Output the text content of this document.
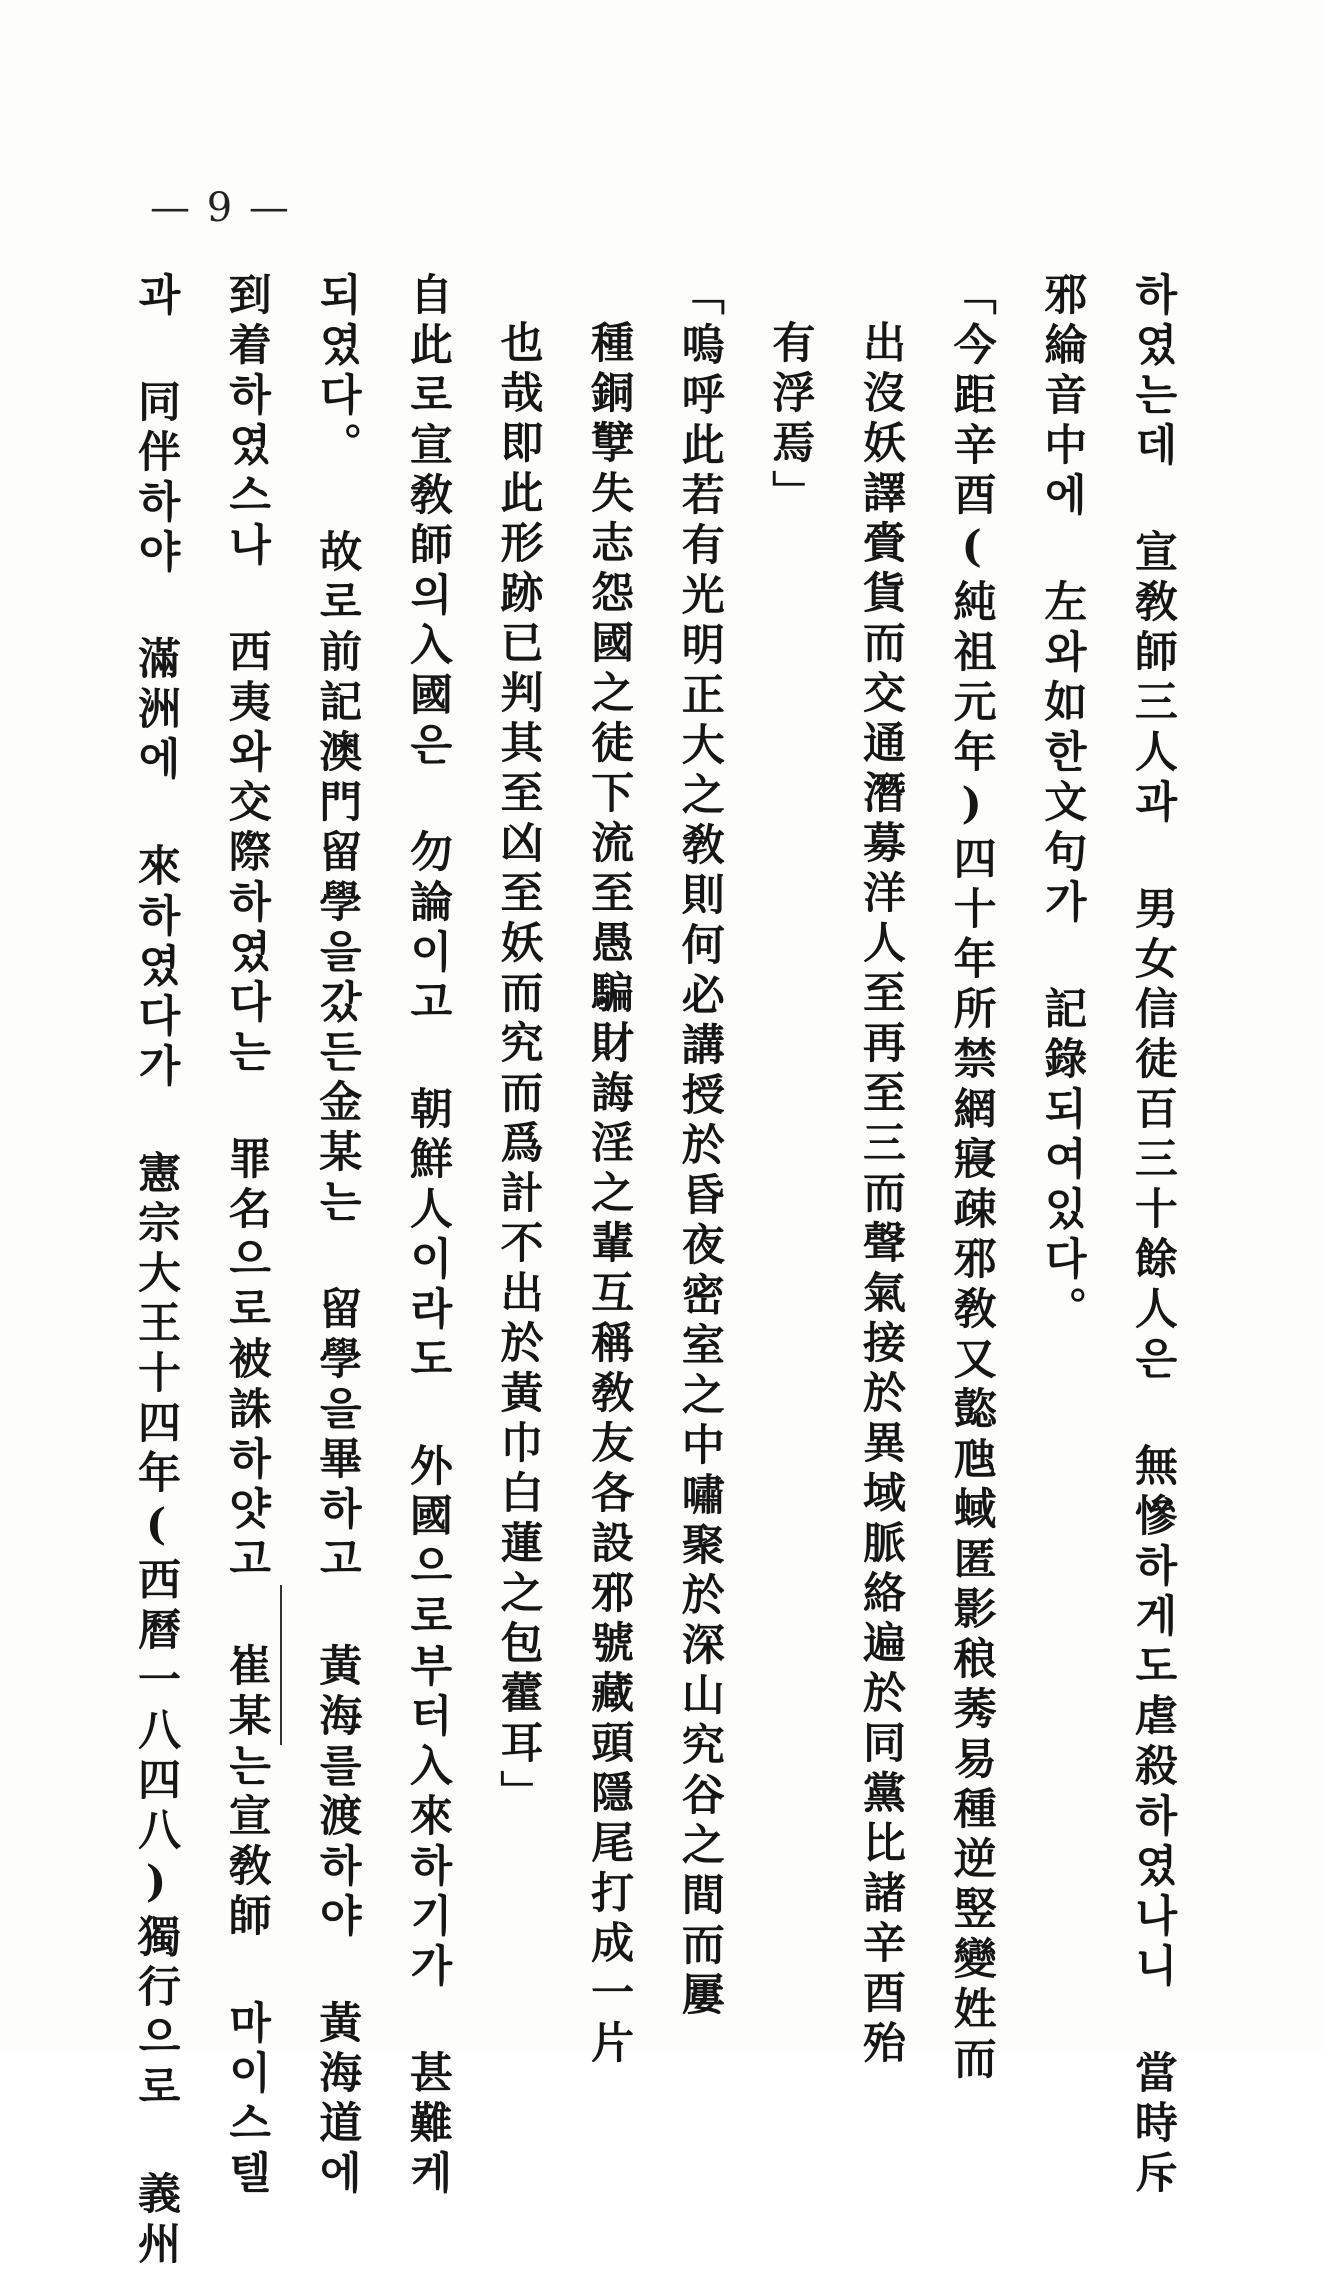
— 9 —
하였는데 宣敎師三人과 男女信徒百三十餘人은 無慘하게도虐殺하였나니 當時斥
邪綸音中에 左와如한文句가 記錄되여있다。
「今距辛酉(純祖元年)四十年所禁網寢疎邪敎又㦤虺蜮匿影稂莠易種逆竪變姓而
出沒妖譯賫貨而交通潛募洋人至再至三而聲氣接於異域脈絡遍於同黨比諸辛酉殆
有浮焉」
「嗚呼此若有光明正大之敎則何必講授於昏夜密室之中嘯聚於深山究谷之間而屢
種銅孼失志怨國之徒下流至愚騙財誨淫之輩互稱敎友各設邪號藏頭隱尾打成一片
也哉即此形跡已判其至凶至妖而究而爲計不出於黃巾白蓮之包藿耳」
自此로宣敎師의入國은 勿論이고 朝鮮人이라도 外國으로부터入來하기가 甚難케
되였다。 故로前記澳門留學을갔든金某는 留學을畢하고 黃海를渡하야 黃海道에
到着하였스나 西夷와交際하였다는 罪名으로被誅하얏고 崔某는宣敎師 마이스텔
과 同伴하야 滿洲에 來하였다가 憲宗大王十四年(西曆一八四八)獨行으로 義州
